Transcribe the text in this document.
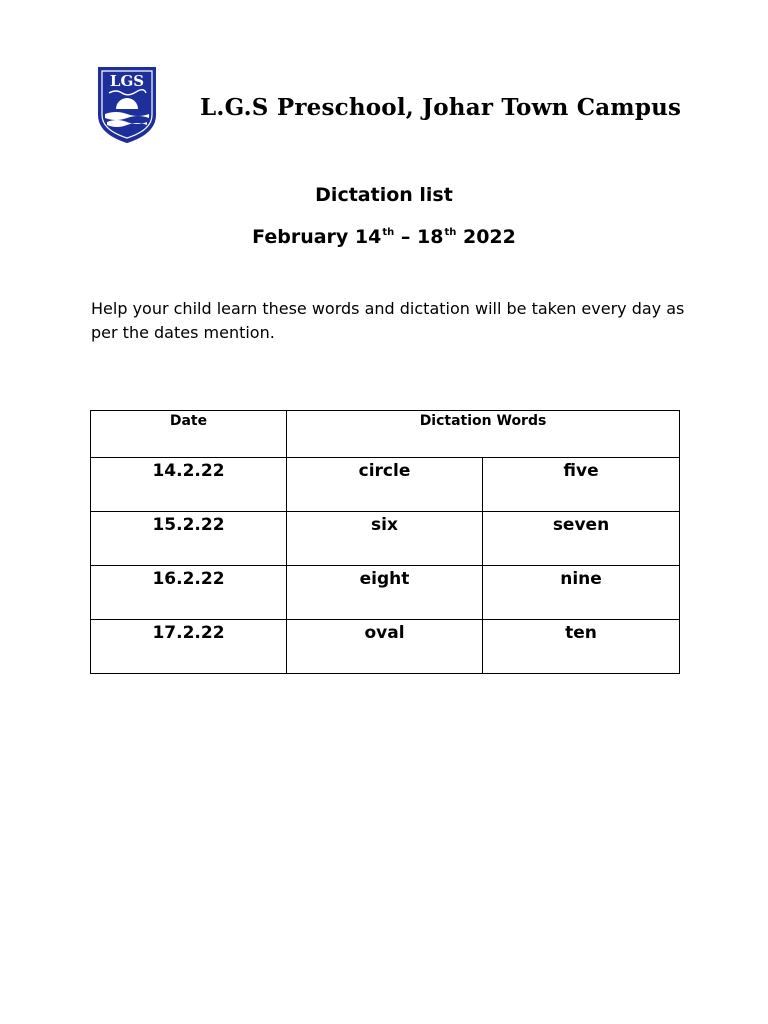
LGS
L.G.S Preschool, Johar Town Campus
Dictation list
February 14th – 18th 2022
Help your child learn these words and dictation will be taken every day as per the dates mention.
Date	Dictation Words	
14.2.22	circle	five
15.2.22	six	seven
16.2.22	eight	nine
17.2.22	oval	ten
